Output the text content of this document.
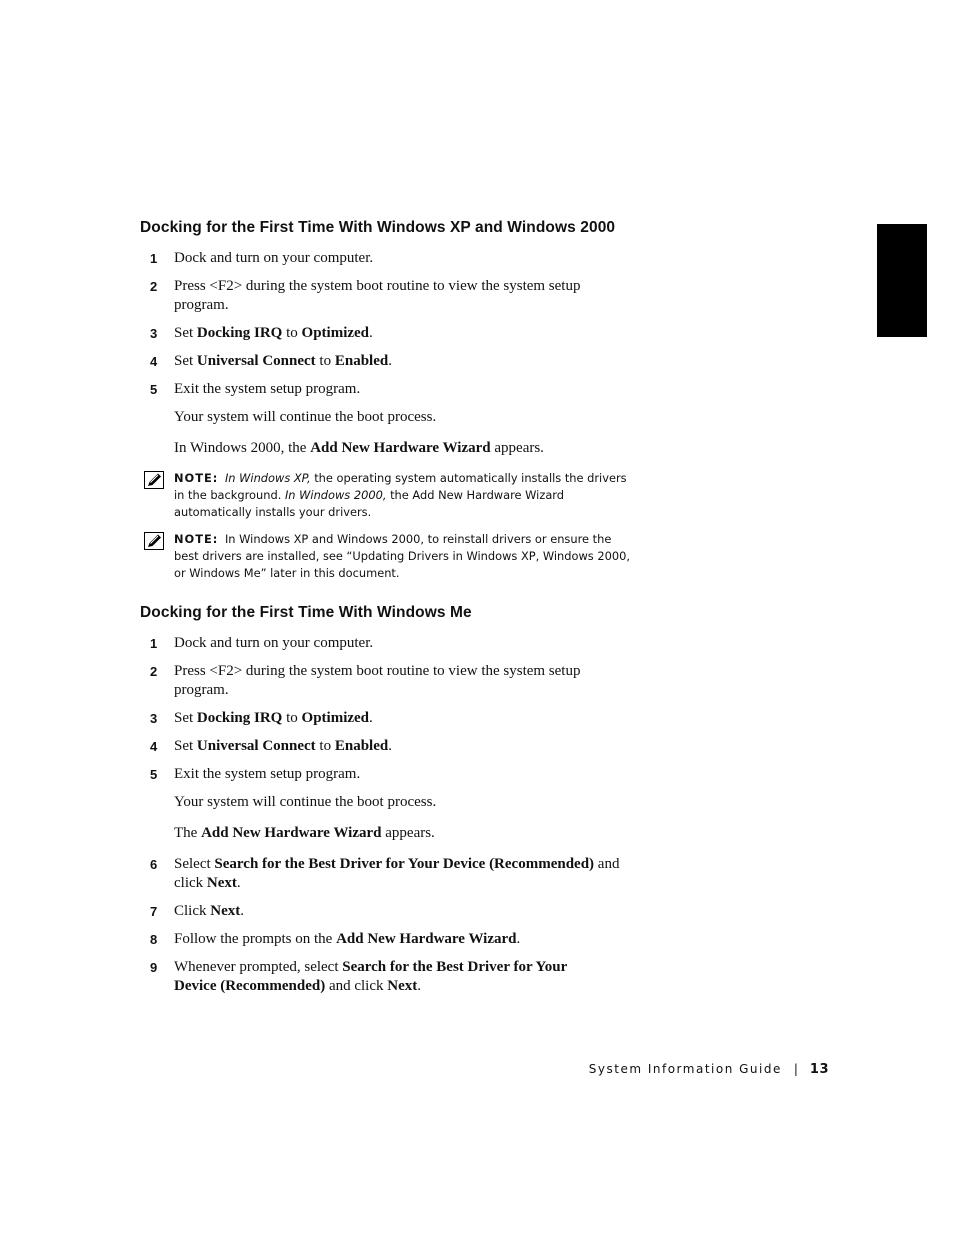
Docking for the First Time With Windows XP and Windows 2000
1	Dock and turn on your computer.
2	Press <F2> during the system boot routine to view the system setup program.
3	Set Docking IRQ to Optimized.
4	Set Universal Connect to Enabled.
5	Exit the system setup program.
Your system will continue the boot process.
In Windows 2000, the Add New Hardware Wizard appears.
NOTE: In Windows XP, the operating system automatically installs the drivers in the background. In Windows 2000, the Add New Hardware Wizard automatically installs your drivers.
NOTE: In Windows XP and Windows 2000, to reinstall drivers or ensure the best drivers are installed, see “Updating Drivers in Windows XP, Windows 2000, or Windows Me” later in this document.
Docking for the First Time With Windows Me
1	Dock and turn on your computer.
2	Press <F2> during the system boot routine to view the system setup program.
3	Set Docking IRQ to Optimized.
4	Set Universal Connect to Enabled.
5	Exit the system setup program.
Your system will continue the boot process.
The Add New Hardware Wizard appears.
6	Select Search for the Best Driver for Your Device (Recommended) and click Next.
7	Click Next.
8	Follow the prompts on the Add New Hardware Wizard.
9	Whenever prompted, select Search for the Best Driver for Your Device (Recommended) and click Next.
System Information Guide | 13
